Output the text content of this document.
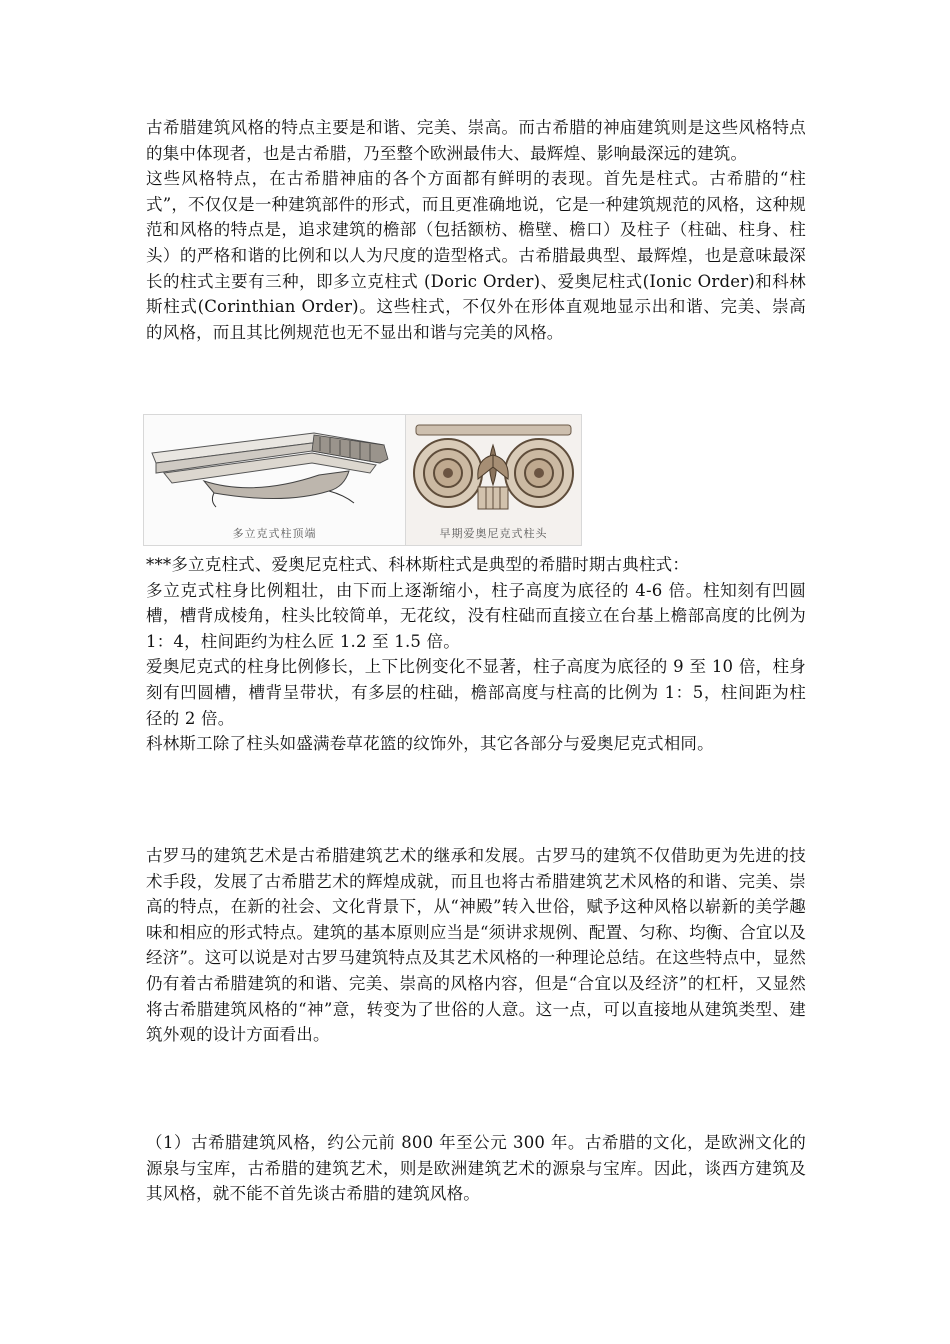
古希腊建筑风格的特点主要是和谐、完美、崇高。而古希腊的神庙建筑则是这些风格特点的集中体现者，也是古希腊，乃至整个欧洲最伟大、最辉煌、影响最深远的建筑。

这些风格特点，在古希腊神庙的各个方面都有鲜明的表现。首先是柱式。古希腊的“柱式”，不仅仅是一种建筑部件的形式，而且更准确地说，它是一种建筑规范的风格，这种规范和风格的特点是，追求建筑的檐部（包括额枋、檐壁、檐口）及柱子（柱础、柱身、柱头）的严格和谐的比例和以人为尺度的造型格式。古希腊最典型、最辉煌，也是意味最深长的柱式主要有三种，即多立克柱式 (Doric Order)、爱奥尼柱式(Ionic Order)和科林斯柱式(Corinthian Order)。这些柱式，不仅外在形体直观地显示出和谐、完美、崇高的风格，而且其比例规范也无不显出和谐与完美的风格。

多立克式柱顶端	早期爱奥尼克式柱头

***多立克柱式、爱奥尼克柱式、科林斯柱式是典型的希腊时期古典柱式：

多立克式柱身比例粗壮，由下而上逐渐缩小，柱子高度为底径的 4-6 倍。柱知刻有凹圆槽，槽背成棱角，柱头比较简单，无花纹，没有柱础而直接立在台基上檐部高度的比例为 1：4，柱间距约为柱么匠 1.2 至 1.5 倍。

爱奥尼克式的柱身比例修长，上下比例变化不显著，柱子高度为底径的 9 至 10 倍，柱身刻有凹圆槽，槽背呈带状，有多层的柱础，檐部高度与柱高的比例为 1：5，柱间距为柱径的 2 倍。

科林斯工除了柱头如盛满卷草花篮的纹饰外，其它各部分与爱奥尼克式相同。

古罗马的建筑艺术是古希腊建筑艺术的继承和发展。古罗马的建筑不仅借助更为先进的技术手段，发展了古希腊艺术的辉煌成就，而且也将古希腊建筑艺术风格的和谐、完美、崇高的特点，在新的社会、文化背景下，从“神殿”转入世俗，赋予这种风格以崭新的美学趣味和相应的形式特点。建筑的基本原则应当是“须讲求规例、配置、匀称、均衡、合宜以及经济”。这可以说是对古罗马建筑特点及其艺术风格的一种理论总结。在这些特点中，显然仍有着古希腊建筑的和谐、完美、崇高的风格内容，但是“合宜以及经济”的杠杆，又显然将古希腊建筑风格的“神”意，转变为了世俗的人意。这一点，可以直接地从建筑类型、建筑外观的设计方面看出。

（1）古希腊建筑风格，约公元前 800 年至公元 300 年。古希腊的文化，是欧洲文化的源泉与宝库，古希腊的建筑艺术，则是欧洲建筑艺术的源泉与宝库。因此，谈西方建筑及其风格，就不能不首先谈古希腊的建筑风格。
